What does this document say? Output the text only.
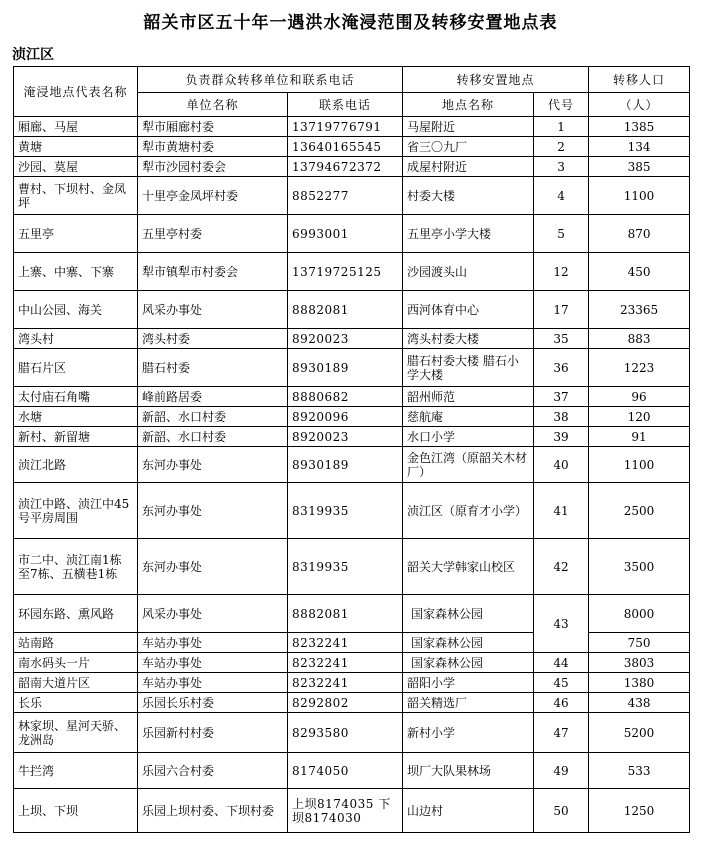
韶关市区五十年一遇洪水淹浸范围及转移安置地点表
浈江区
淹浸地点代表名称	负责群众转移单位和联系电话		转移安置地点		转移人口
	单位名称	联系电话	地点名称	代号	（人）
厢廊、马屋	犁市厢廊村委	13719776791	马屋附近	1	1385
黄塘	犁市黄塘村委	13640165545	省三〇九厂	2	134
沙园、莫屋	犁市沙园村委会	13794672372	成屋村附近	3	385
曹村、下坝村、金凤坪	十里亭金凤坪村委	8852277	村委大楼	4	1100
五里亭	五里亭村委	6993001	五里亭小学大楼	5	870
上寨、中寨、下寨	犁市镇犁市村委会	13719725125	沙园渡头山	12	450
中山公园、海关	风采办事处	8882081	西河体育中心	17	23365
湾头村	湾头村委	8920023	湾头村委大楼	35	883
腊石片区	腊石村委	8930189	腊石村委大楼 腊石小学大楼	36	1223
太付庙石角嘴	峰前路居委	8880682	韶州师范	37	96
水塘	新韶、水口村委	8920096	慈航庵	38	120
新村、新留塘	新韶、水口村委	8920023	水口小学	39	91
浈江北路	东河办事处	8930189	金色江湾（原韶关木材厂）	40	1100
浈江中路、浈江中45号平房周围	东河办事处	8319935	浈江区（原育才小学）	41	2500
市二中、浈江南1栋至7栋、五横巷1栋	东河办事处	8319935	韶关大学韩家山校区	42	3500
环园东路、熏风路	风采办事处	8882081	国家森林公园	43	8000
站南路	车站办事处	8232241	国家森林公园		750
南水码头一片	车站办事处	8232241	国家森林公园	44	3803
韶南大道片区	车站办事处	8232241	韶阳小学	45	1380
长乐	乐园长乐村委	8292802	韶关精选厂	46	438
林家坝、星河天骄、龙洲岛	乐园新村村委	8293580	新村小学	47	5200
牛拦湾	乐园六合村委	8174050	坝厂大队果林场	49	533
上坝、下坝	乐园上坝村委、下坝村委	上坝8174035 下坝8174030	山边村	50	1250
